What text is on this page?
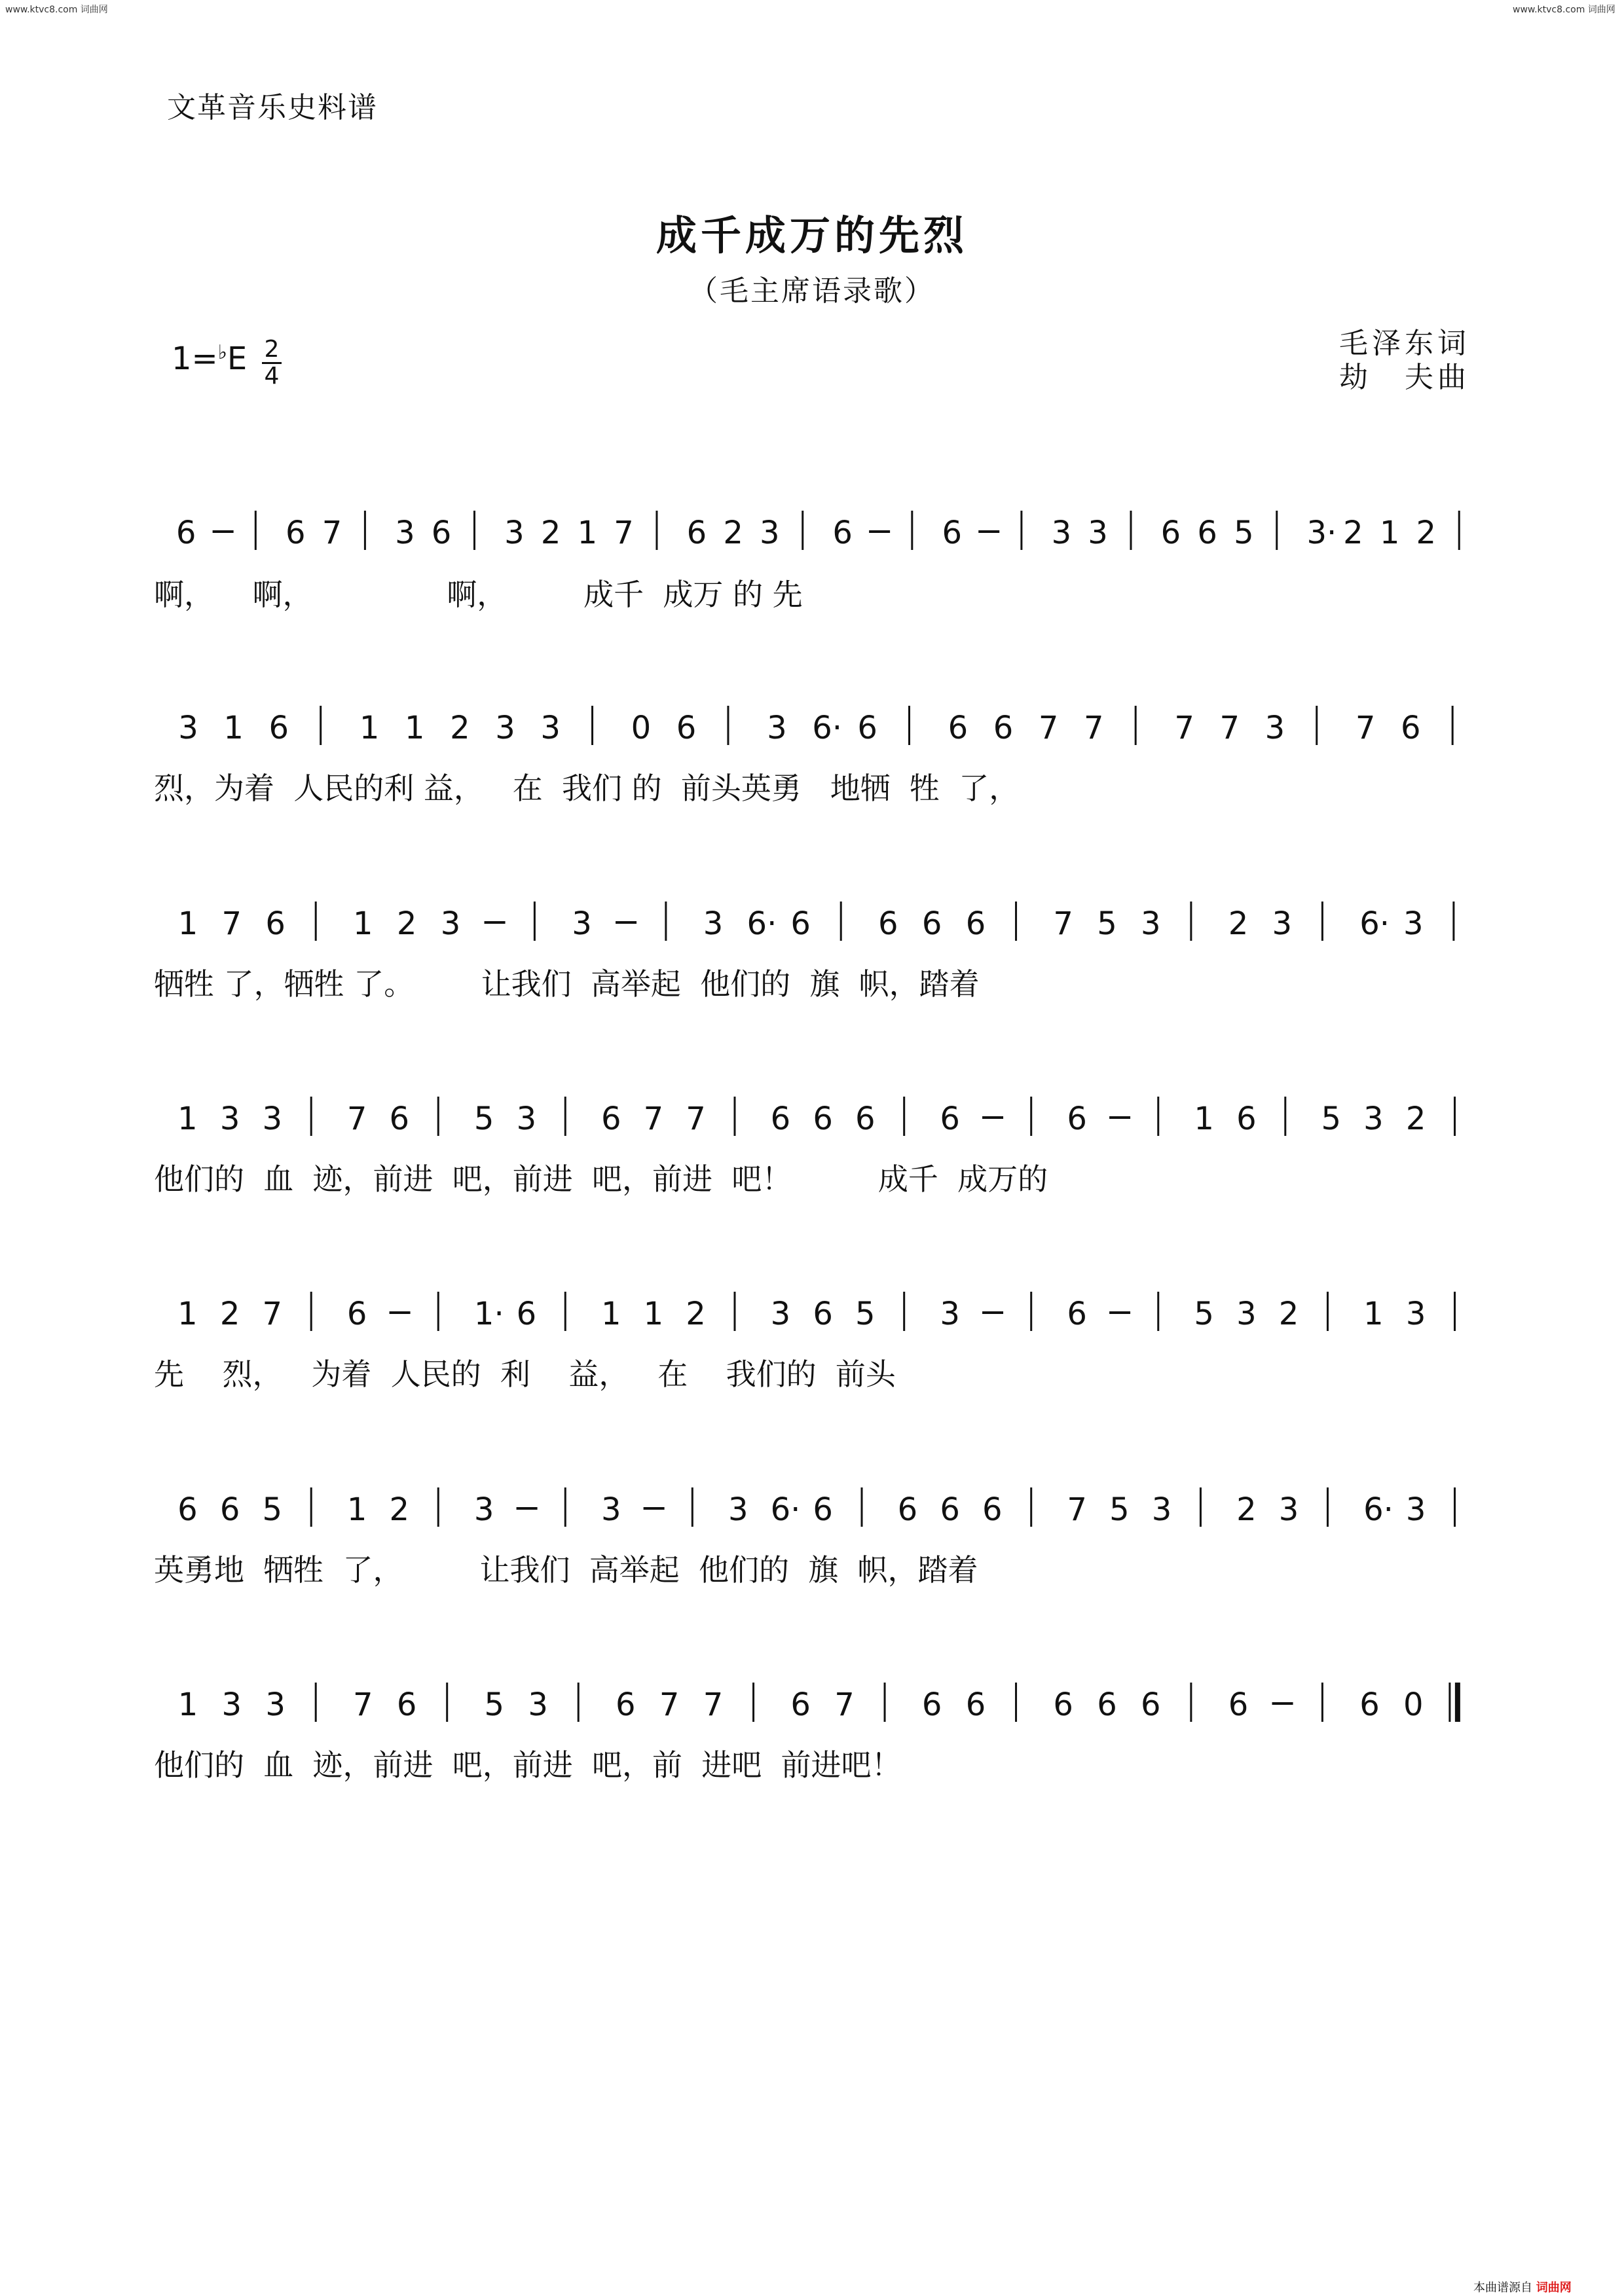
www.ktvc8.com 词曲网	www.ktvc8.com 词曲网
文革音乐史料谱
成千成万的先烈
（毛主席语录歌）
毛泽东词
劫　夫曲
1=♭E 2
4
6	6 7 3 6 3 2 1 7 6 2 3 6	6	3 3 6 6 5 3· 2 1 2
3 1 6 1 1 2 3 3 0 6 3 6· 6 6 6 7 7 7 7 3 7 6
1 7 6 1 2 3	3	3 6· 6 6 6 6 7 5 3 2 3 6· 3
1 3 3 7 6 5 3 6 7 7 6 6 6 6	6	1 6 5 3 2
1 2 7 6	1· 6 1 1 2 3 6 5 3	6	5 3 2 1 3
6 6 5 1 2 3	3	3 6· 6 6 6 6 7 5 3 2 3 6· 3
1 3 3 7 6 5 3 6 7 7 6 7 6 6 6 6 6 6	6 0
啊，    啊，              啊，        成千  成万 的 先
烈，为着  人民的利 益，   在  我们 的  前头英勇   地牺  牲  了，
牺牲 了，牺牲 了。       让我们  高举起  他们的  旗  帜，踏着
他们的  血  迹，前进  吧，前进  吧，前进  吧！         成千  成万的
先    烈，   为着  人民的  利    益，   在    我们的  前头
英勇地  牺牲  了，        让我们  高举起  他们的  旗  帜，踏着
他们的  血  迹，前进  吧，前进  吧，前  进吧  前进吧！
本曲谱源自 词曲网
